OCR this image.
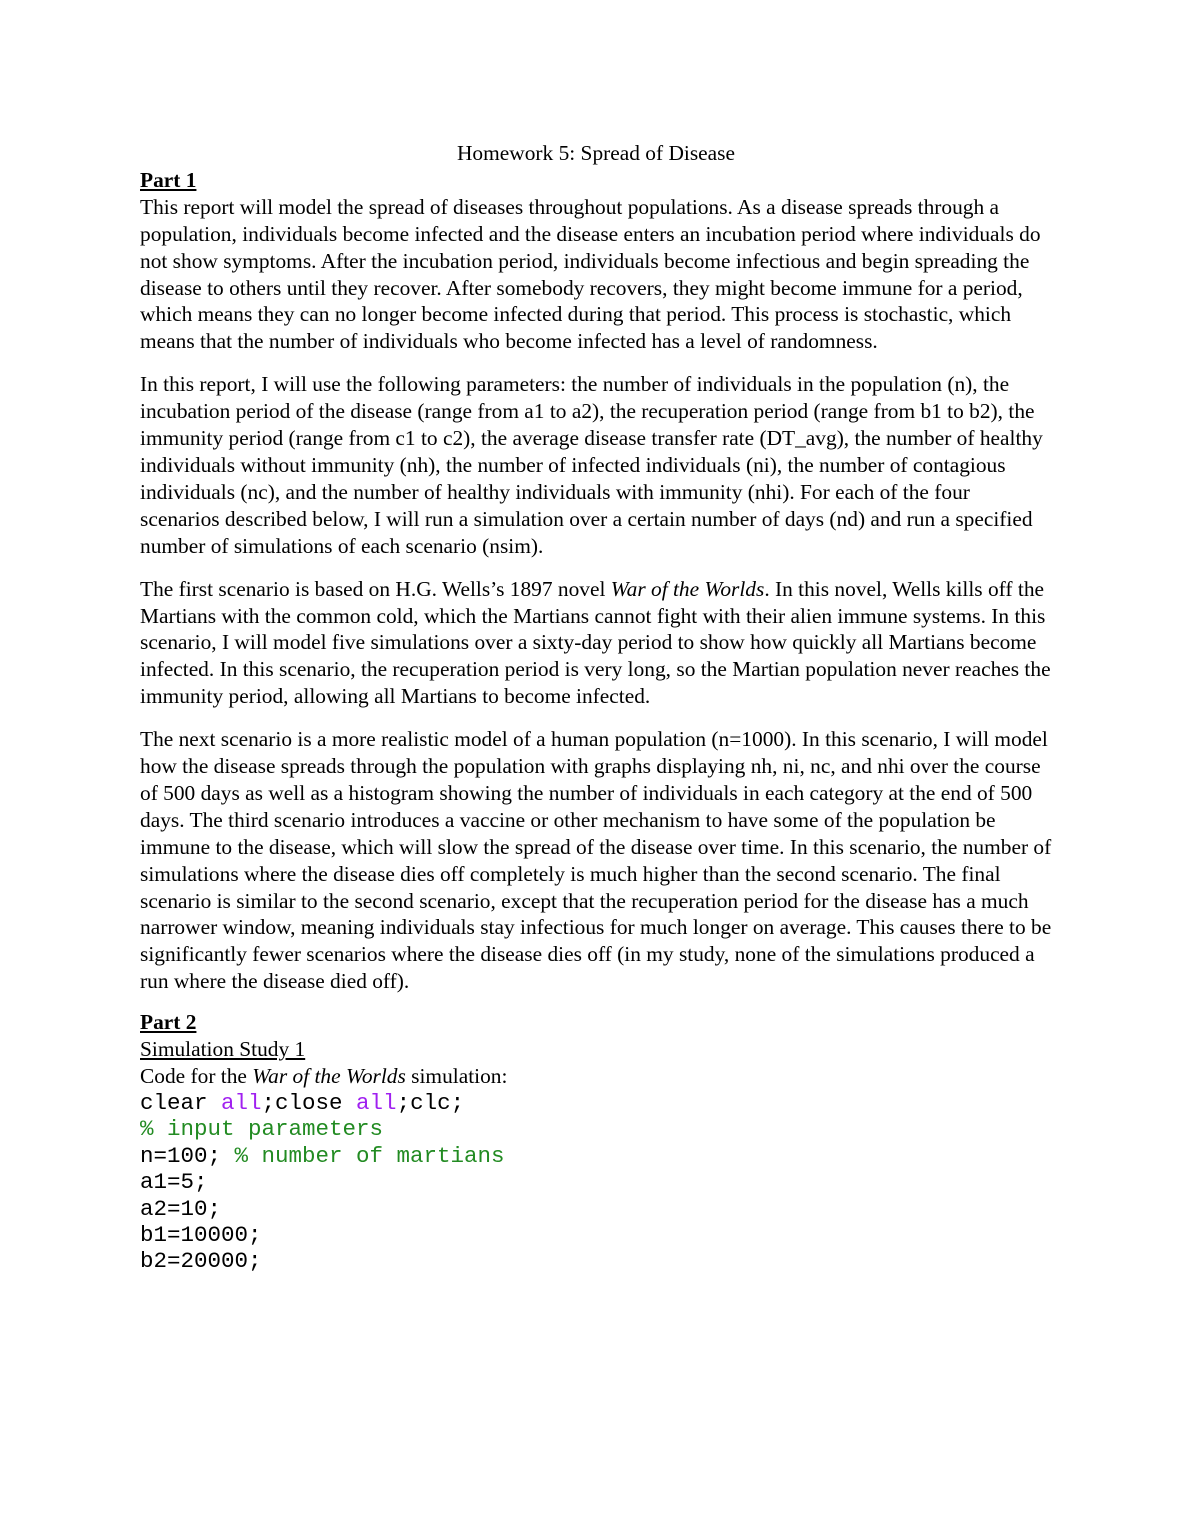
Homework 5: Spread of Disease

Part 1

This report will model the spread of diseases throughout populations. As a disease spreads through a population, individuals become infected and the disease enters an incubation period where individuals do not show symptoms. After the incubation period, individuals become infectious and begin spreading the disease to others until they recover. After somebody recovers, they might become immune for a period, which means they can no longer become infected during that period. This process is stochastic, which means that the number of individuals who become infected has a level of randomness.

In this report, I will use the following parameters: the number of individuals in the population (n), the incubation period of the disease (range from a1 to a2), the recuperation period (range from b1 to b2), the immunity period (range from c1 to c2), the average disease transfer rate (DT_avg), the number of healthy individuals without immunity (nh), the number of infected individuals (ni), the number of contagious individuals (nc), and the number of healthy individuals with immunity (nhi). For each of the four scenarios described below, I will run a simulation over a certain number of days (nd) and run a specified number of simulations of each scenario (nsim).

The first scenario is based on H.G. Wells’s 1897 novel War of the Worlds. In this novel, Wells kills off the Martians with the common cold, which the Martians cannot fight with their alien immune systems. In this scenario, I will model five simulations over a sixty-day period to show how quickly all Martians become infected. In this scenario, the recuperation period is very long, so the Martian population never reaches the immunity period, allowing all Martians to become infected.

The next scenario is a more realistic model of a human population (n=1000). In this scenario, I will model how the disease spreads through the population with graphs displaying nh, ni, nc, and nhi over the course of 500 days as well as a histogram showing the number of individuals in each category at the end of 500 days. The third scenario introduces a vaccine or other mechanism to have some of the population be immune to the disease, which will slow the spread of the disease over time. In this scenario, the number of simulations where the disease dies off completely is much higher than the second scenario. The final scenario is similar to the second scenario, except that the recuperation period for the disease has a much narrower window, meaning individuals stay infectious for much longer on average. This causes there to be significantly fewer scenarios where the disease dies off (in my study, none of the simulations produced a run where the disease died off).

Part 2

Simulation Study 1

Code for the War of the Worlds simulation:

clear all;close all;clc;

% input parameters

n=100; % number of martians

a1=5;

a2=10;

b1=10000;

b2=20000;
